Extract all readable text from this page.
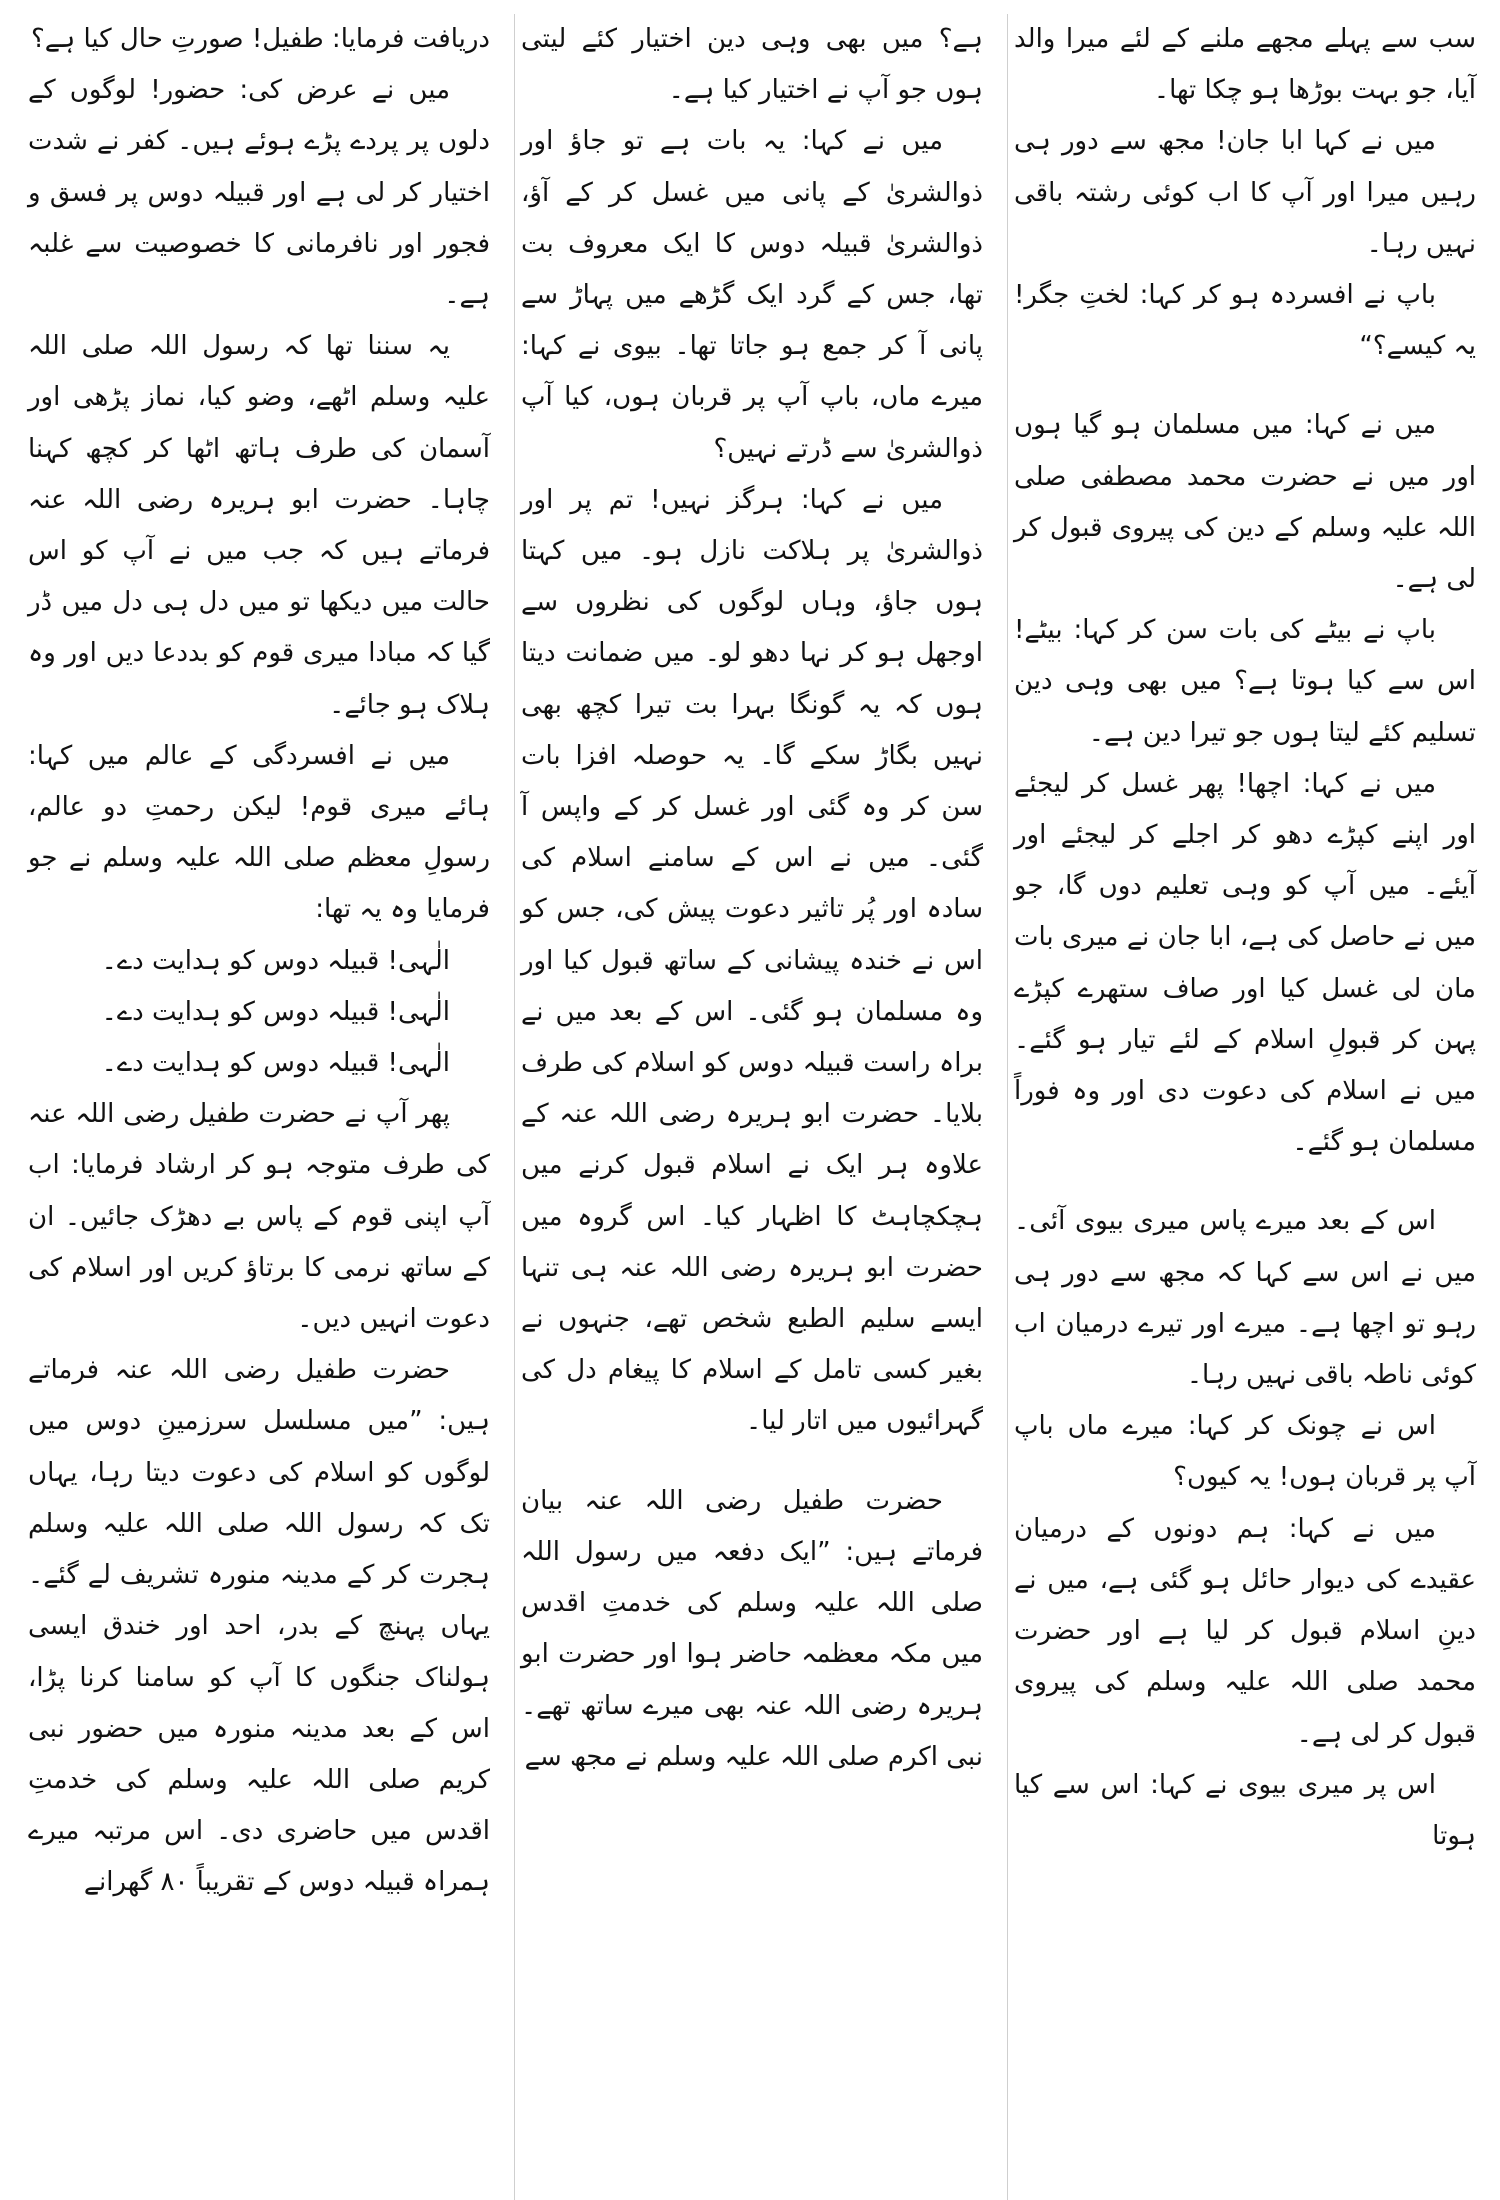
سب سے پہلے مجھے ملنے کے لئے میرا والد آیا، جو بہت بوڑھا ہو چکا تھا۔

میں نے کہا ابا جان! مجھ سے دور ہی رہیں میرا اور آپ کا اب کوئی رشتہ باقی نہیں رہا۔

باپ نے افسردہ ہو کر کہا: لختِ جگر! یہ کیسے؟“

میں نے کہا: میں مسلمان ہو گیا ہوں اور میں نے حضرت محمد مصطفی صلی اللہ علیہ وسلم کے دین کی پیروی قبول کر لی ہے۔

باپ نے بیٹے کی بات سن کر کہا: بیٹے! اس سے کیا ہوتا ہے؟ میں بھی وہی دین تسلیم کئے لیتا ہوں جو تیرا دین ہے۔

میں نے کہا: اچھا! پھر غسل کر لیجئے اور اپنے کپڑے دھو کر اجلے کر لیجئے اور آیئے۔ میں آپ کو وہی تعلیم دوں گا، جو میں نے حاصل کی ہے، ابا جان نے میری بات مان لی غسل کیا اور صاف ستھرے کپڑے پہن کر قبولِ اسلام کے لئے تیار ہو گئے۔ میں نے اسلام کی دعوت دی اور وہ فوراً مسلمان ہو گئے۔

اس کے بعد میرے پاس میری بیوی آئی۔ میں نے اس سے کہا کہ مجھ سے دور ہی رہو تو اچھا ہے۔ میرے اور تیرے درمیان اب کوئی ناطہ باقی نہیں رہا۔

اس نے چونک کر کہا: میرے ماں باپ آپ پر قربان ہوں! یہ کیوں؟

میں نے کہا: ہم دونوں کے درمیان عقیدے کی دیوار حائل ہو گئی ہے، میں نے دینِ اسلام قبول کر لیا ہے اور حضرت محمد صلی اللہ علیہ وسلم کی پیروی قبول کر لی ہے۔

اس پر میری بیوی نے کہا: اس سے کیا ہوتا

ہے؟ میں بھی وہی دین اختیار کئے لیتی ہوں جو آپ نے اختیار کیا ہے۔

میں نے کہا: یہ بات ہے تو جاؤ اور ذوالشریٰ کے پانی میں غسل کر کے آؤ، ذوالشریٰ قبیلہ دوس کا ایک معروف بت تھا، جس کے گرد ایک گڑھے میں پہاڑ سے پانی آ کر جمع ہو جاتا تھا۔ بیوی نے کہا: میرے ماں، باپ آپ پر قربان ہوں، کیا آپ ذوالشریٰ سے ڈرتے نہیں؟

میں نے کہا: ہرگز نہیں! تم پر اور ذوالشریٰ پر ہلاکت نازل ہو۔ میں کہتا ہوں جاؤ، وہاں لوگوں کی نظروں سے اوجھل ہو کر نہا دھو لو۔ میں ضمانت دیتا ہوں کہ یہ گونگا بہرا بت تیرا کچھ بھی نہیں بگاڑ سکے گا۔ یہ حوصلہ افزا بات سن کر وہ گئی اور غسل کر کے واپس آ گئی۔ میں نے اس کے سامنے اسلام کی سادہ اور پُر تاثیر دعوت پیش کی، جس کو اس نے خندہ پیشانی کے ساتھ قبول کیا اور وہ مسلمان ہو گئی۔ اس کے بعد میں نے براہ راست قبیلہ دوس کو اسلام کی طرف بلایا۔ حضرت ابو ہریرہ رضی اللہ عنہ کے علاوہ ہر ایک نے اسلام قبول کرنے میں ہچکچاہٹ کا اظہار کیا۔ اس گروہ میں حضرت ابو ہریرہ رضی اللہ عنہ ہی تنہا ایسے سلیم الطبع شخص تھے، جنہوں نے بغیر کسی تامل کے اسلام کا پیغام دل کی گہرائیوں میں اتار لیا۔

حضرت طفیل رضی اللہ عنہ بیان فرماتے ہیں: ”ایک دفعہ میں رسول اللہ صلی اللہ علیہ وسلم کی خدمتِ اقدس میں مکہ معظمہ حاضر ہوا اور حضرت ابو ہریرہ رضی اللہ عنہ بھی میرے ساتھ تھے۔ نبی اکرم صلی اللہ علیہ وسلم نے مجھ سے

دریافت فرمایا: طفیل! صورتِ حال کیا ہے؟

میں نے عرض کی: حضور! لوگوں کے دلوں پر پردے پڑے ہوئے ہیں۔ کفر نے شدت اختیار کر لی ہے اور قبیلہ دوس پر فسق و فجور اور نافرمانی کا خصوصیت سے غلبہ ہے۔

یہ سننا تھا کہ رسول اللہ صلی اللہ علیہ وسلم اٹھے، وضو کیا، نماز پڑھی اور آسمان کی طرف ہاتھ اٹھا کر کچھ کہنا چاہا۔ حضرت ابو ہریرہ رضی اللہ عنہ فرماتے ہیں کہ جب میں نے آپ کو اس حالت میں دیکھا تو میں دل ہی دل میں ڈر گیا کہ مبادا میری قوم کو بددعا دیں اور وہ ہلاک ہو جائے۔

میں نے افسردگی کے عالم میں کہا: ہائے میری قوم! لیکن رحمتِ دو عالم، رسولِ معظم صلی اللہ علیہ وسلم نے جو فرمایا وہ یہ تھا:

الٰہی! قبیلہ دوس کو ہدایت دے۔

الٰہی! قبیلہ دوس کو ہدایت دے۔

الٰہی! قبیلہ دوس کو ہدایت دے۔

پھر آپ نے حضرت طفیل رضی اللہ عنہ کی طرف متوجہ ہو کر ارشاد فرمایا: اب آپ اپنی قوم کے پاس بے دھڑک جائیں۔ ان کے ساتھ نرمی کا برتاؤ کریں اور اسلام کی دعوت انہیں دیں۔

حضرت طفیل رضی اللہ عنہ فرماتے ہیں: ”میں مسلسل سرزمینِ دوس میں لوگوں کو اسلام کی دعوت دیتا رہا، یہاں تک کہ رسول اللہ صلی اللہ علیہ وسلم ہجرت کر کے مدینہ منورہ تشریف لے گئے۔ یہاں پہنچ کے بدر، احد اور خندق ایسی ہولناک جنگوں کا آپ کو سامنا کرنا پڑا، اس کے بعد مدینہ منورہ میں حضور نبی کریم صلی اللہ علیہ وسلم کی خدمتِ اقدس میں حاضری دی۔ اس مرتبہ میرے ہمراہ قبیلہ دوس کے تقریباً ۸۰ گھرانے
